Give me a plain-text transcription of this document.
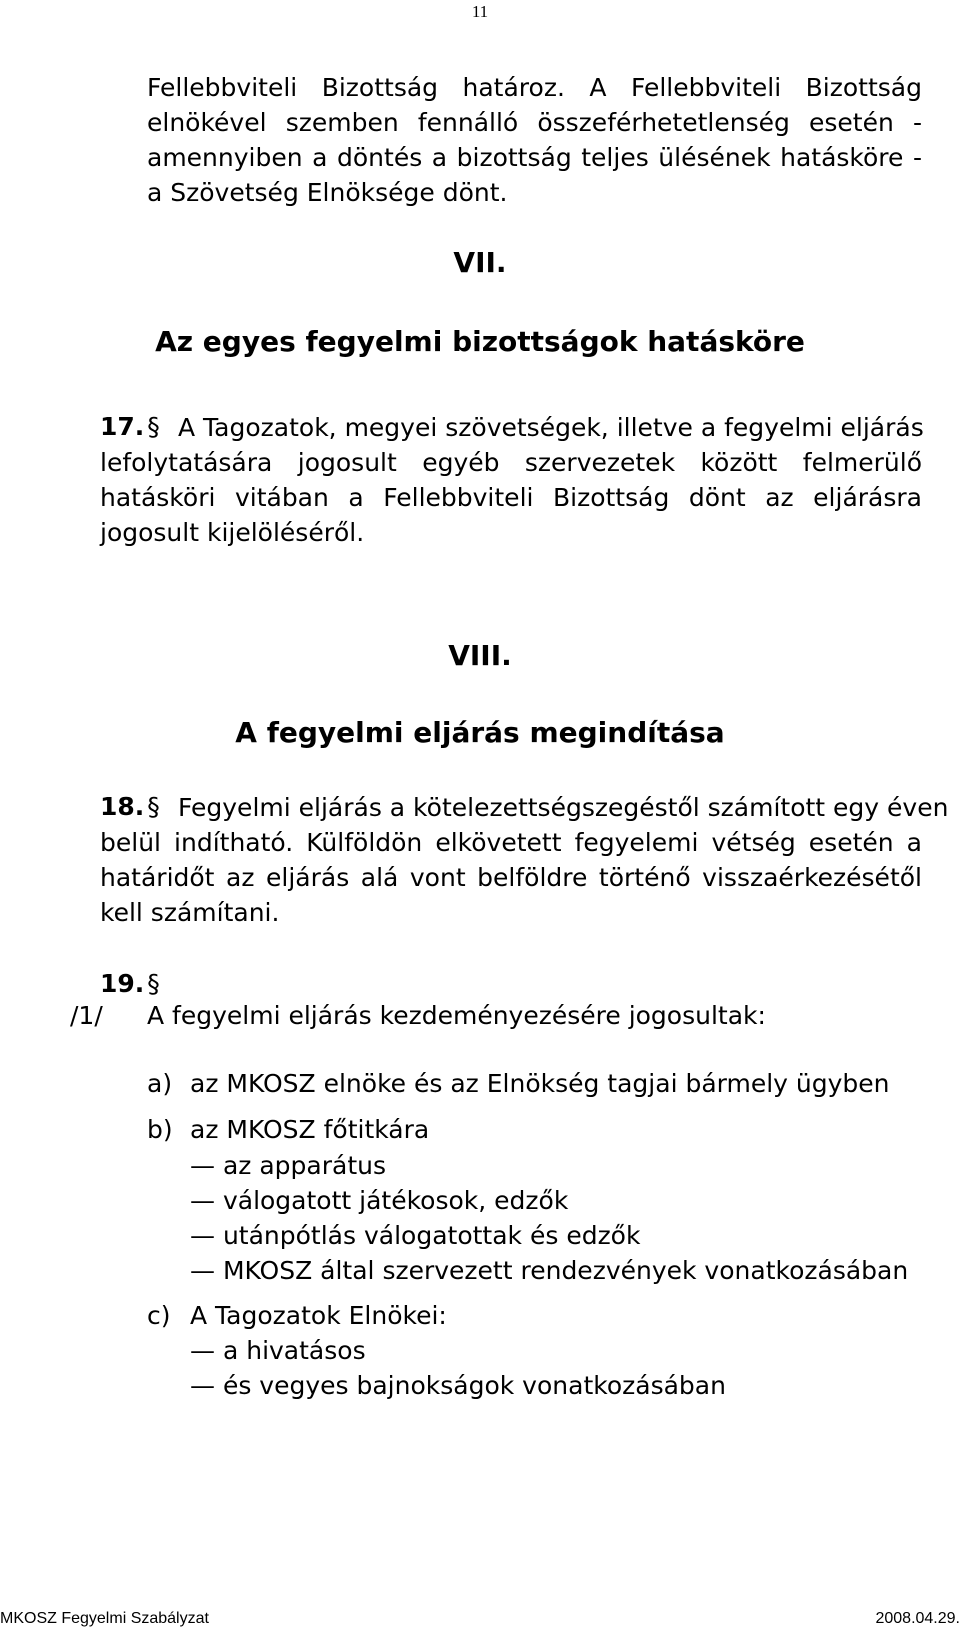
11
Fellebbviteli Bizottság határoz. A Fellebbviteli Bizottság
elnökével szemben fennálló összeférhetetlenség esetén -
amennyiben a döntés a bizottság teljes ülésének hatásköre -
a Szövetség Elnöksége dönt.
VII.
Az egyes fegyelmi bizottságok hatásköre
17. § A Tagozatok, megyei szövetségek, illetve a fegyelmi eljárás
lefolytatására jogosult egyéb szervezetek között felmerülő
hatásköri vitában a Fellebbviteli Bizottság dönt az eljárásra
jogosult kijelöléséről.
VIII.
A fegyelmi eljárás megindítása
18. § Fegyelmi eljárás a kötelezettségszegéstől számított egy éven
belül indítható. Külföldön elkövetett fegyelemi vétség esetén a
határidőt az eljárás alá vont belföldre történő visszaérkezésétől
kell számítani.
19. §
/1/ A fegyelmi eljárás kezdeményezésére jogosultak:
a) az MKOSZ elnöke és az Elnökség tagjai bármely ügyben
b) az MKOSZ főtitkára
— az apparátus
— válogatott játékosok, edzők
— utánpótlás válogatottak és edzők
— MKOSZ által szervezett rendezvények vonatkozásában
c) A Tagozatok Elnökei:
— a hivatásos
— és vegyes bajnokságok vonatkozásában
MKOSZ Fegyelmi Szabályzat	2008.04.29.
